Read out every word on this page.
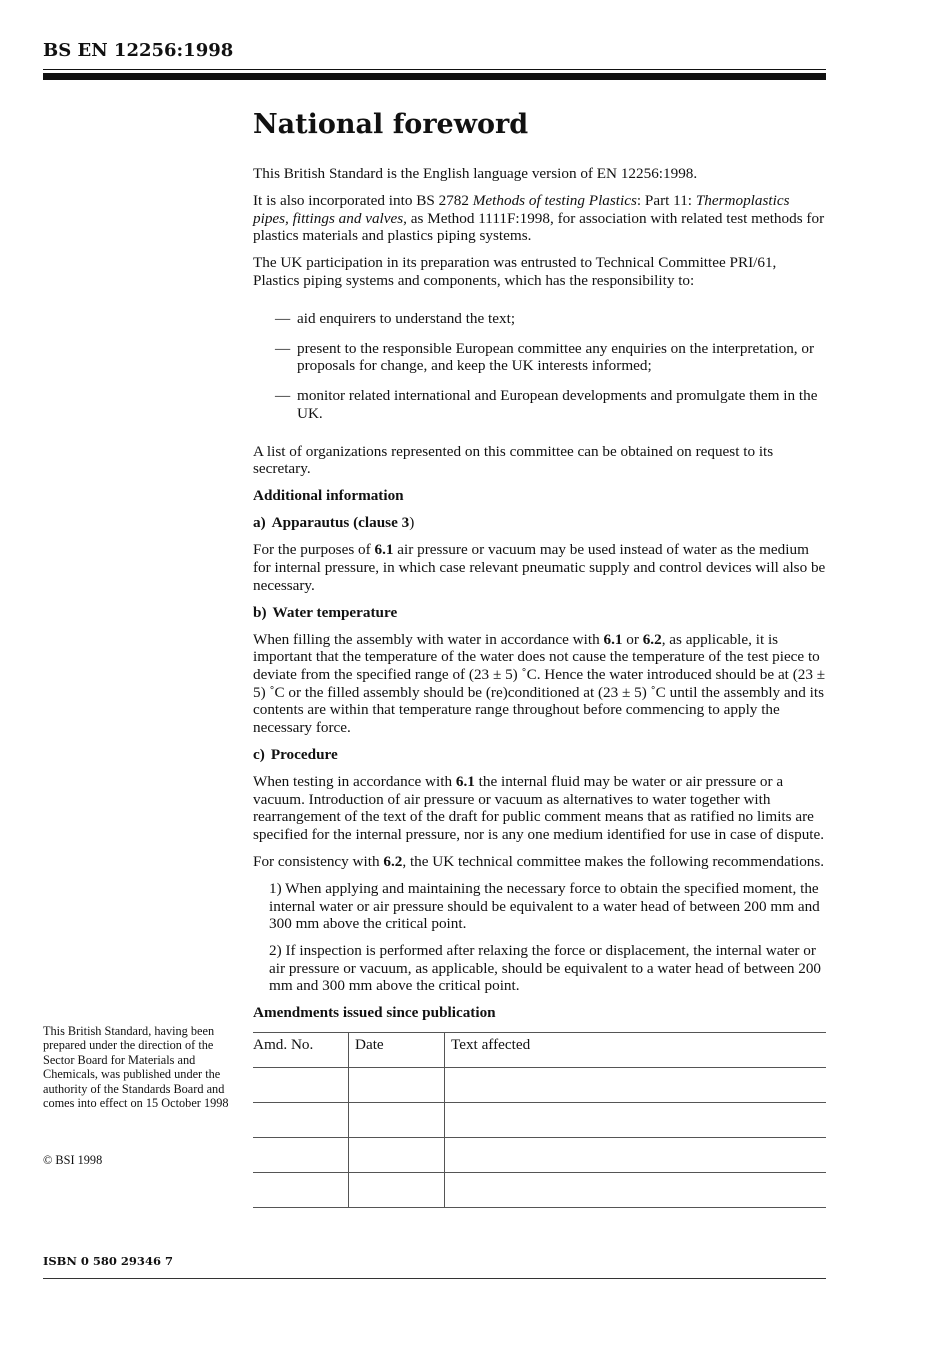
BS EN 12256:1998
National foreword

This British Standard is the English language version of EN 12256:1998.

It is also incorporated into BS 2782 Methods of testing Plastics: Part 11: Thermoplastics pipes, fittings and valves, as Method 1111F:1998, for association with related test methods for plastics materials and plastics piping systems.

The UK participation in its preparation was entrusted to Technical Committee PRI/61, Plastics piping systems and components, which has the responsibility to:

— aid enquirers to understand the text;
— present to the responsible European committee any enquiries on the interpretation, or proposals for change, and keep the UK interests informed;
— monitor related international and European developments and promulgate them in the UK.

A list of organizations represented on this committee can be obtained on request to its secretary.

Additional information

a) Apparautus (clause 3)

For the purposes of 6.1 air pressure or vacuum may be used instead of water as the medium for internal pressure, in which case relevant pneumatic supply and control devices will also be necessary.

b) Water temperature

When filling the assembly with water in accordance with 6.1 or 6.2, as applicable, it is important that the temperature of the water does not cause the temperature of the test piece to deviate from the specified range of (23 ± 5) ˚C. Hence the water introduced should be at (23 ± 5) ˚C or the filled assembly should be (re)conditioned at (23 ± 5) ˚C until the assembly and its contents are within that temperature range throughout before commencing to apply the necessary force.

c) Procedure

When testing in accordance with 6.1 the internal fluid may be water or air pressure or a vacuum. Introduction of air pressure or vacuum as alternatives to water together with rearrangement of the text of the draft for public comment means that as ratified no limits are specified for the internal pressure, nor is any one medium identified for use in case of dispute.

For consistency with 6.2, the UK technical committee makes the following recommendations.

1) When applying and maintaining the necessary force to obtain the specified moment, the internal water or air pressure should be equivalent to a water head of between 200 mm and 300 mm above the critical point.

2) If inspection is performed after relaxing the force or displacement, the internal water or air pressure or vacuum, as applicable, should be equivalent to a water head of between 200 mm and 300 mm above the critical point.

Amendments issued since publication

Amd. No.	Date	Text affected

This British Standard, having been prepared under the direction of the Sector Board for Materials and Chemicals, was published under the authority of the Standards Board and comes into effect on 15 October 1998
© BSI 1998
ISBN 0 580 29346 7
